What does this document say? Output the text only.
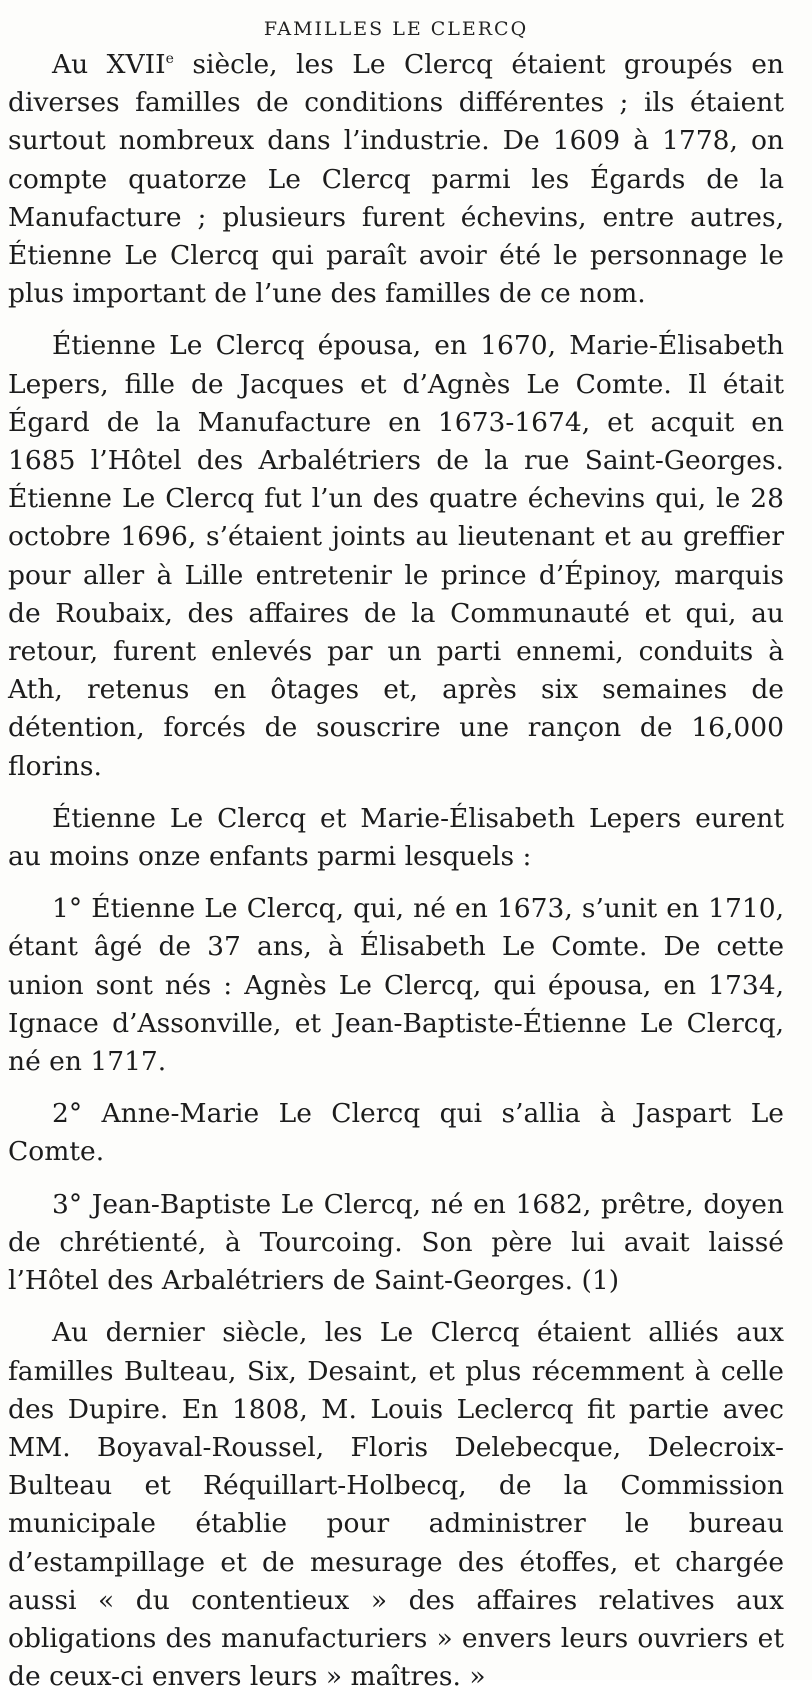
FAMILLES LE CLERCQ

Au XVIIe siècle, les Le Clercq étaient groupés en diverses familles de conditions différentes ; ils étaient surtout nombreux dans l’industrie. De 1609 à 1778, on compte quatorze Le Clercq parmi les Égards de la Manufacture ; plusieurs furent échevins, entre autres, Étienne Le Clercq qui paraît avoir été le personnage le plus important de l’une des familles de ce nom.

Étienne Le Clercq épousa, en 1670, Marie-Élisabeth Lepers, fille de Jacques et d’Agnès Le Comte. Il était Égard de la Manufacture en 1673-1674, et acquit en 1685 l’Hôtel des Arbalétriers de la rue Saint-Georges. Étienne Le Clercq fut l’un des quatre échevins qui, le 28 octobre 1696, s’étaient joints au lieutenant et au greffier pour aller à Lille entretenir le prince d’Épinoy, marquis de Roubaix, des affaires de la Communauté et qui, au retour, furent enlevés par un parti ennemi, conduits à Ath, retenus en ôtages et, après six semaines de détention, forcés de souscrire une rançon de 16,000 florins.

Étienne Le Clercq et Marie-Élisabeth Lepers eurent au moins onze enfants parmi lesquels :

1° Étienne Le Clercq, qui, né en 1673, s’unit en 1710, étant âgé de 37 ans, à Élisabeth Le Comte. De cette union sont nés : Agnès Le Clercq, qui épousa, en 1734, Ignace d’Assonville, et Jean-Baptiste-Étienne Le Clercq, né en 1717.

2° Anne-Marie Le Clercq qui s’allia à Jaspart Le Comte.

3° Jean-Baptiste Le Clercq, né en 1682, prêtre, doyen de chrétienté, à Tourcoing. Son père lui avait laissé l’Hôtel des Arbalétriers de Saint-Georges. (1)

Au dernier siècle, les Le Clercq étaient alliés aux familles Bulteau, Six, Desaint, et plus récemment à celle des Dupire. En 1808, M. Louis Leclercq fit partie avec MM. Boyaval-Roussel, Floris Delebecque, Delecroix-Bulteau et Réquillart-Holbecq, de la Commission municipale établie pour administrer le bureau d’estampillage et de mesurage des étoffes, et chargée aussi « du contentieux » des affaires relatives aux obligations des manufacturiers » envers leurs ouvriers et de ceux-ci envers leurs » maîtres. »
